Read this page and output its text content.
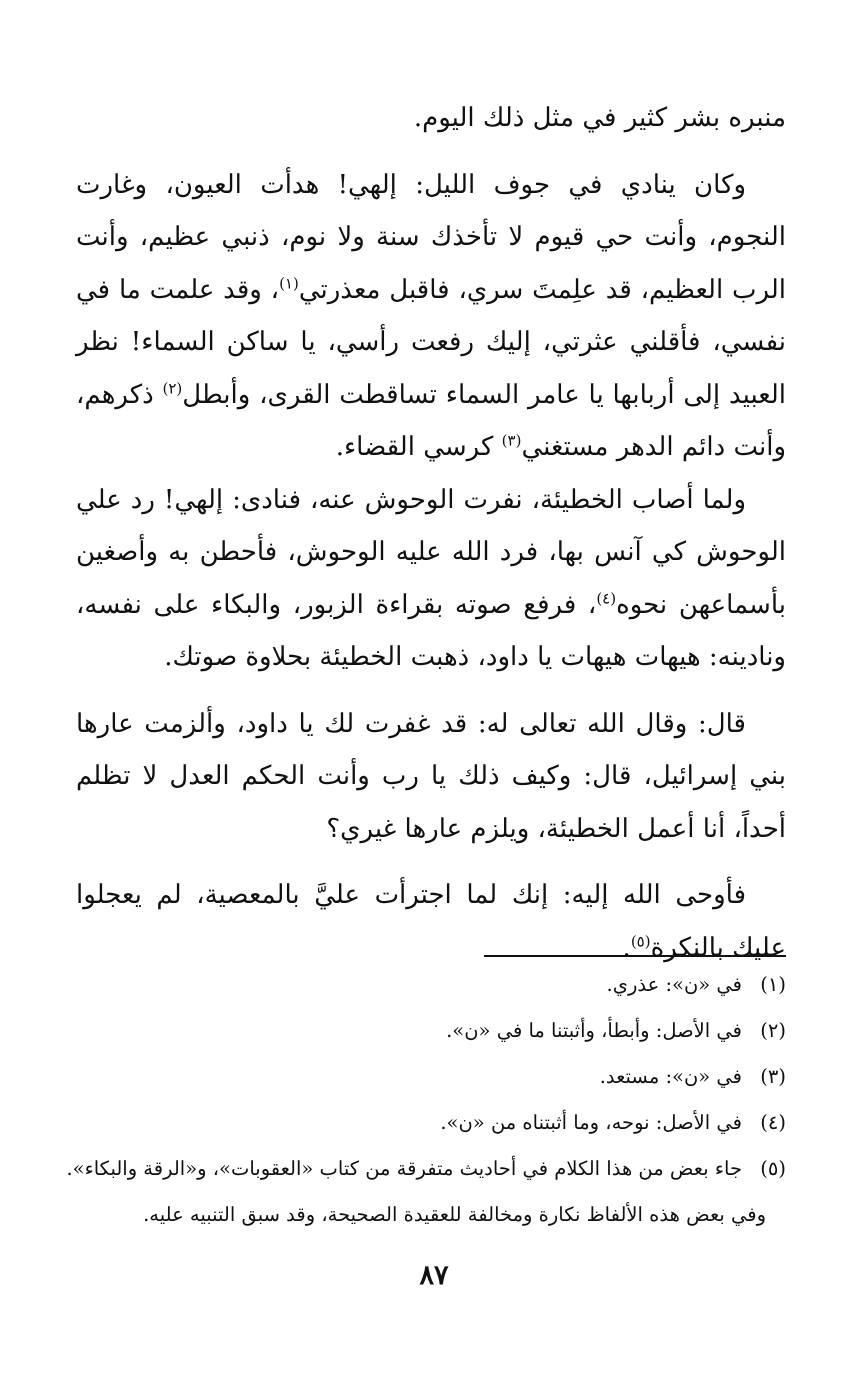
منبره بشر كثير في مثل ذلك اليوم.

وكان ينادي في جوف الليل: إلهي! هدأت العيون، وغارت النجوم، وأنت حي قيوم لا تأخذك سنة ولا نوم، ذنبي عظيم، وأنت الرب العظيم، قد علِمتَ سري، فاقبل معذرتي$^{(١)}$، وقد علمت ما في نفسي، فأقلني عثرتي، إليك رفعت رأسي، يا ساكن السماء! نظر العبيد إلى أربابها يا عامر السماء تساقطت القرى، وأبطل$^{(٢)}$ ذكرهم، وأنت دائم الدهر مستغني$^{(٣)}$ كرسي القضاء.

ولما أصاب الخطيئة، نفرت الوحوش عنه، فنادى: إلهي! رد علي الوحوش كي آنس بها، فرد الله عليه الوحوش، فأحطن به وأصغين بأسماعهن نحوه$^{(٤)}$، فرفع صوته بقراءة الزبور، والبكاء على نفسه، ونادينه: هيهات هيهات يا داود، ذهبت الخطيئة بحلاوة صوتك.

قال: وقال الله تعالى له: قد غفرت لك يا داود، وألزمت عارها بني إسرائيل، قال: وكيف ذلك يا رب وأنت الحكم العدل لا تظلم أحداً، أنا أعمل الخطيئة، ويلزم عارها غيري؟

فأوحى الله إليه: إنك لما اجترأت عليَّ بالمعصية، لم يعجلوا عليك بالنكرة$^{(٥)}$.

(١)
في «ن»: عذري.
(٢)
في الأصل: وأبطأ، وأثبتنا ما في «ن».
(٣)
في «ن»: مستعد.
(٤)
في الأصل: نوحه، وما أثبتناه من «ن».
(٥)
جاء بعض من هذا الكلام في أحاديث متفرقة من كتاب «العقوبات»، و«الرقة والبكاء».
وفي بعض هذه الألفاظ نكارة ومخالفة للعقيدة الصحيحة، وقد سبق التنبيه عليه.
٨٧
